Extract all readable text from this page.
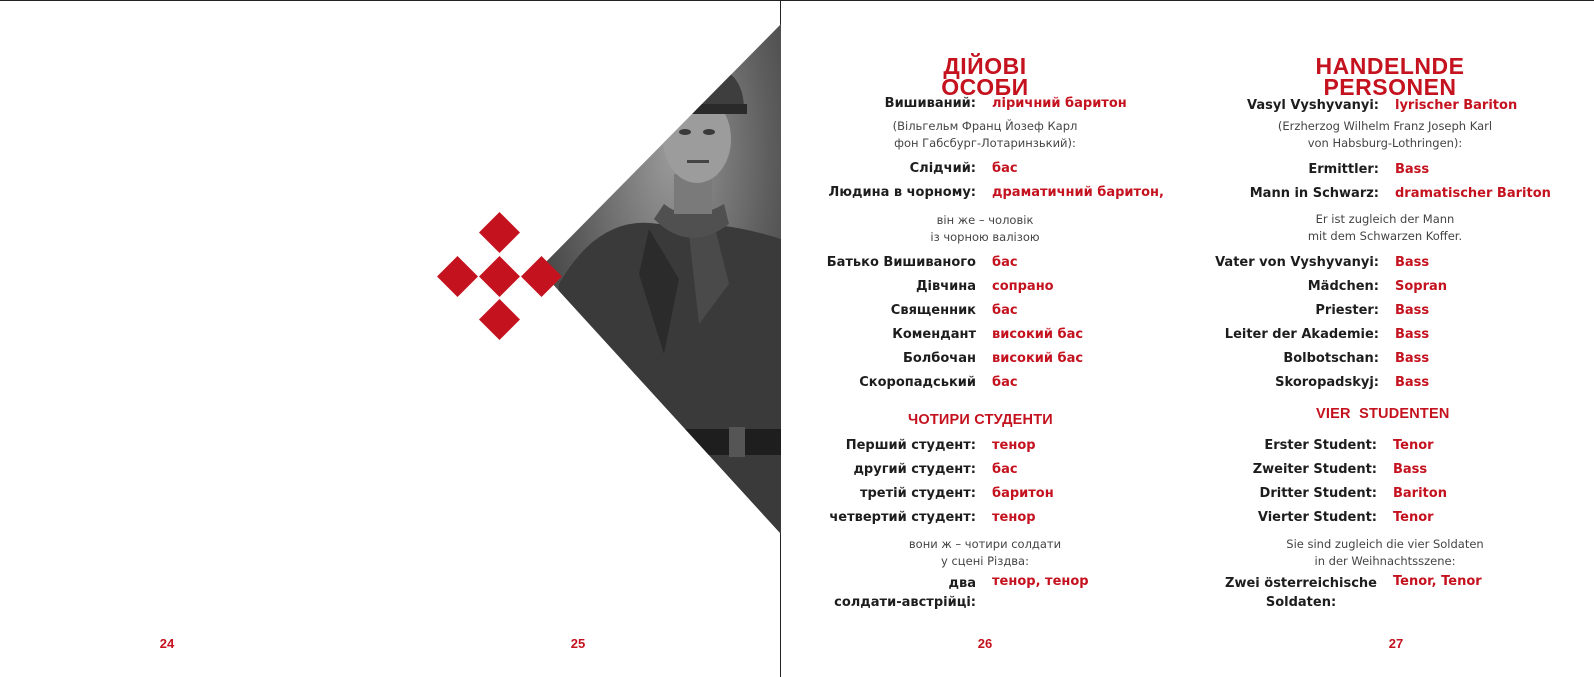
24	25	26	27
ДІЙОВІ
ОСОБИ
Вишиваний: ліричний баритон
(Вільгельм Франц Йозеф Карл
фон Габсбург-Лотаринзький):
Слідчий: бас
Людина в чорному: драматичний баритон,
він же – чоловік
із чорною валізою
Батько Вишиваного бас
Дівчина сопрано
Священник бас
Комендант високий бас
Болбочан високий бас
Скоропадський бас
ЧОТИРИ СТУДЕНТИ
Перший студент: тенор
другий студент: бас
третій студент: баритон
четвертий студент: тенор
вони ж – чотири солдати
у сцені Різдва:
два
солдати-австрійці:
тенор, тенор
HANDELNDE
PERSONEN
Vasyl Vyshyvanyi: lyrischer Bariton
(Erzherzog Wilhelm Franz Joseph Karl
von Habsburg-Lothringen):
Ermittler: Bass
Mann in Schwarz: dramatischer Bariton
Er ist zugleich der Mann
mit dem Schwarzen Koffer.
Vater von Vyshyvanyi: Bass
Mädchen: Sopran
Priester: Bass
Leiter der Akademie: Bass
Bolbotschan: Bass
Skoropadskyj: Bass
VIER  STUDENTEN
Erster Student: Tenor
Zweiter Student: Bass
Dritter Student: Bariton
Vierter Student: Tenor
Sie sind zugleich die vier Soldaten
in der Weihnachtsszene:
Zwei österreichische
Soldaten:
Tenor, Tenor
